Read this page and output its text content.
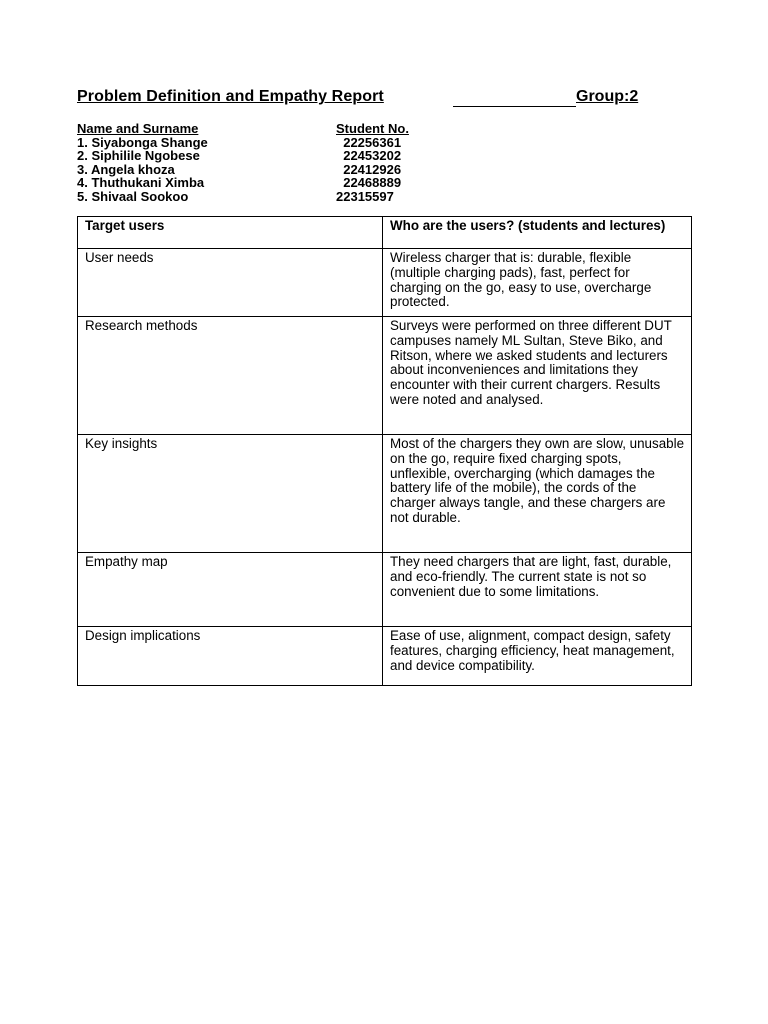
Problem Definition and Empathy Report	Group:2
Name and Surname	Student No.
1. Siyabonga Shange	22256361
2. Siphilile Ngobese	22453202
3. Angela khoza	22412926
4. Thuthukani Ximba	22468889
5. Shivaal Sookoo	22315597
Target users	Who are the users? (students and lectures)
User needs	Wireless charger that is: durable, flexible (multiple charging pads), fast, perfect for charging on the go, easy to use, overcharge protected.
Research methods	Surveys were performed on three different DUT campuses namely ML Sultan, Steve Biko, and Ritson, where we asked students and lecturers about inconveniences and limitations they encounter with their current chargers. Results were noted and analysed.
Key insights	Most of the chargers they own are slow, unusable on the go, require fixed charging spots, unflexible, overcharging (which damages the battery life of the mobile), the cords of the charger always tangle, and these chargers are not durable.
Empathy map	They need chargers that are light, fast, durable, and eco-friendly. The current state is not so convenient due to some limitations.
Design implications	Ease of use, alignment, compact design, safety features, charging efficiency, heat management, and device compatibility.
